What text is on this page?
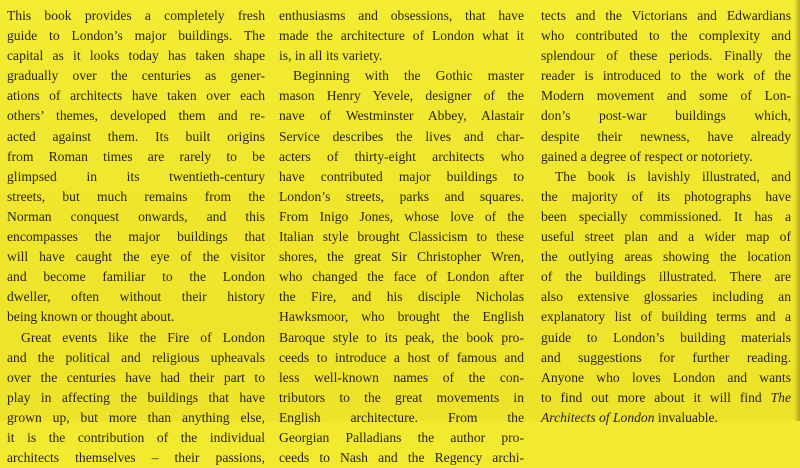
This book provides a completely fresh
guide to London’s major buildings. The
capital as it looks today has taken shape
gradually over the centuries as gener-
ations of architects have taken over each
others’ themes, developed them and re-
acted against them. Its built origins
from Roman times are rarely to be
glimpsed in its twentieth-century
streets, but much remains from the
Norman conquest onwards, and this
encompasses the major buildings that
will have caught the eye of the visitor
and become familiar to the London
dweller, often without their history
being known or thought about.
Great events like the Fire of London
and the political and religious upheavals
over the centuries have had their part to
play in affecting the buildings that have
grown up, but more than anything else,
it is the contribution of the individual
architects themselves – their passions,
enthusiasms and obsessions, that have
made the architecture of London what it
is, in all its variety.
Beginning with the Gothic master
mason Henry Yevele, designer of the
nave of Westminster Abbey, Alastair
Service describes the lives and char-
acters of thirty-eight architects who
have contributed major buildings to
London’s streets, parks and squares.
From Inigo Jones, whose love of the
Italian style brought Classicism to these
shores, the great Sir Christopher Wren,
who changed the face of London after
the Fire, and his disciple Nicholas
Hawksmoor, who brought the English
Baroque style to its peak, the book pro-
ceeds to introduce a host of famous and
less well-known names of the con-
tributors to the great movements in
English architecture. From the
Georgian Palladians the author pro-
ceeds to Nash and the Regency archi-
tects and the Victorians and Edwardians
who contributed to the complexity and
splendour of these periods. Finally the
reader is introduced to the work of the
Modern movement and some of Lon-
don’s post-war buildings which,
despite their newness, have already
gained a degree of respect or notoriety.
The book is lavishly illustrated, and
the majority of its photographs have
been specially commissioned. It has a
useful street plan and a wider map of
the outlying areas showing the location
of the buildings illustrated. There are
also extensive glossaries including an
explanatory list of building terms and a
guide to London’s building materials
and suggestions for further reading.
Anyone who loves London and wants
to find out more about it will find The
Architects of London invaluable.
